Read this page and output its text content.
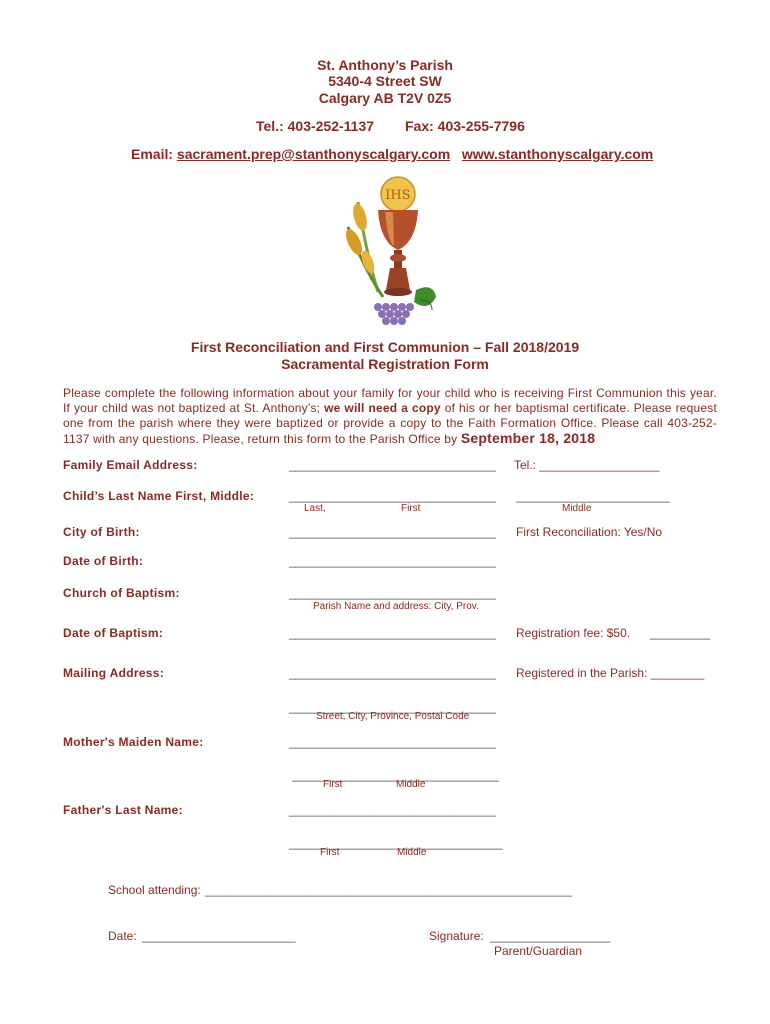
St. Anthony’s Parish
5340-4 Street SW
Calgary AB T2V 0Z5
Tel.: 403-252-1137 Fax: 403-255-7796
Email: sacrament.prep@stanthonyscalgary.com www.stanthonyscalgary.com
IHS
First Reconciliation and First Communion – Fall 2018/2019
Sacramental Registration Form
Please complete the following information about your family for your child who is receiving First Communion this year. If your child was not baptized at St. Anthony’s; we will need a copy of his or her baptismal certificate. Please request one from the parish where they were baptized or provide a copy to the Faith Formation Office. Please call 403-252-1137 with any questions. Please, return this form to the Parish Office by September 18, 2018
Family Email Address:	_______________________________ Tel.: __________________
Child’s Last Name First, Middle:	_______________________________ _______________________
Last,	First	Middle
City of Birth:	_______________________________ First Reconciliation: Yes/No
Date of Birth:	_______________________________
Church of Baptism:	_______________________________
Parish Name and address: City, Prov.
Date of Baptism:	_______________________________ Registration fee: $50. _________
Mailing Address:	_______________________________ Registered in the Parish: ________
_______________________________
Street, City, Province, Postal Code
Mother's Maiden Name:	_______________________________
_______________________________
First	Middle
Father's Last Name:	_______________________________
________________________________
First	Middle
School attending: _______________________________________________________
Date: _______________________	Signature: __________________
Parent/Guardian
